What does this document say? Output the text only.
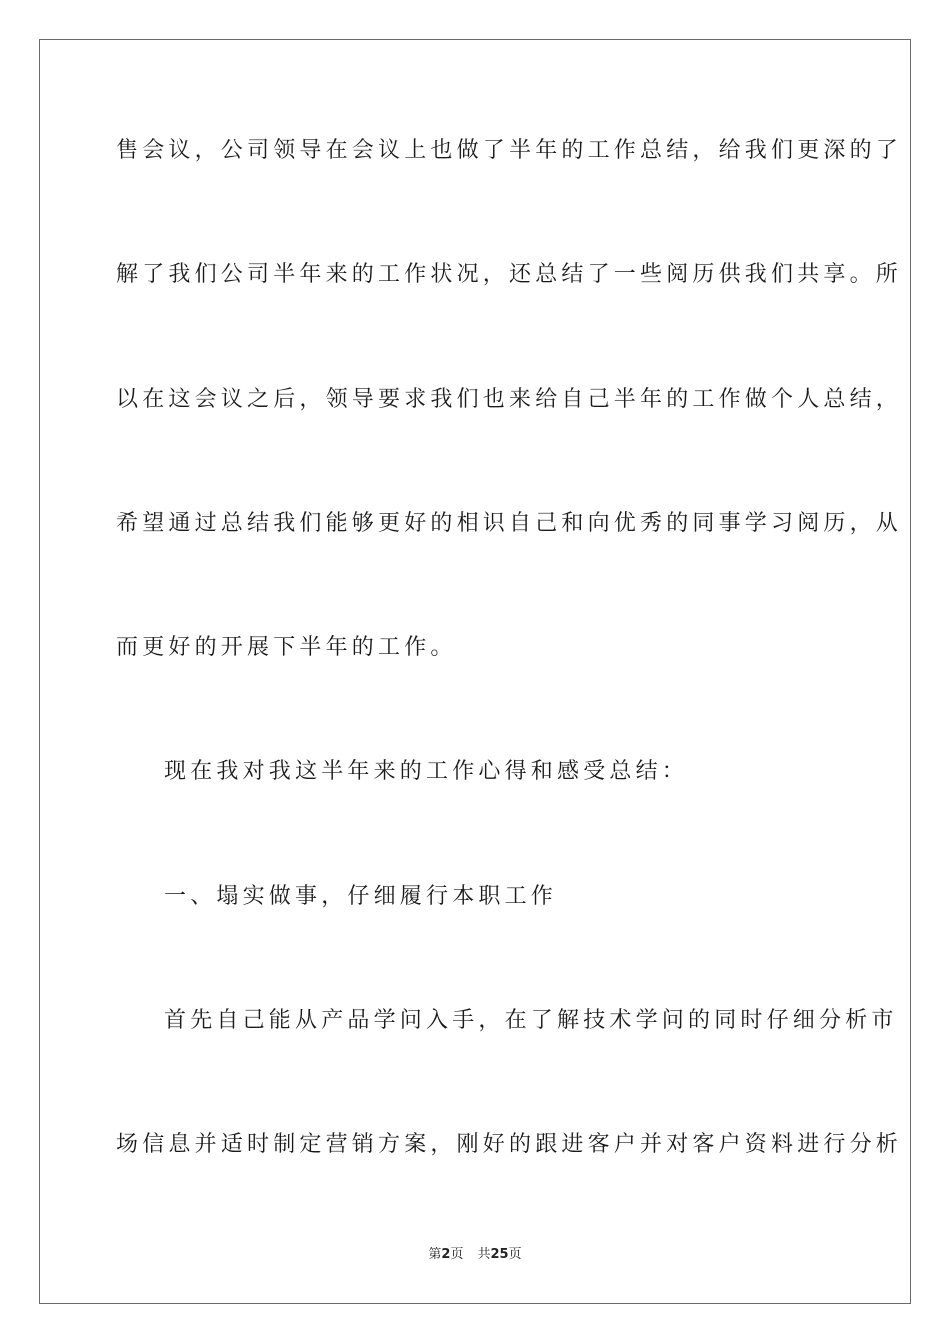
售会议，公司领导在会议上也做了半年的工作总结，给我们更深的了
解了我们公司半年来的工作状况，还总结了一些阅历供我们共享。所
以在这会议之后，领导要求我们也来给自己半年的工作做个人总结，
希望通过总结我们能够更好的相识自己和向优秀的同事学习阅历，从
而更好的开展下半年的工作。
现在我对我这半年来的工作心得和感受总结：
一、塌实做事，仔细履行本职工作
首先自己能从产品学问入手，在了解技术学问的同时仔细分析市
场信息并适时制定营销方案，刚好的跟进客户并对客户资料进行分析
第2页 共25页
